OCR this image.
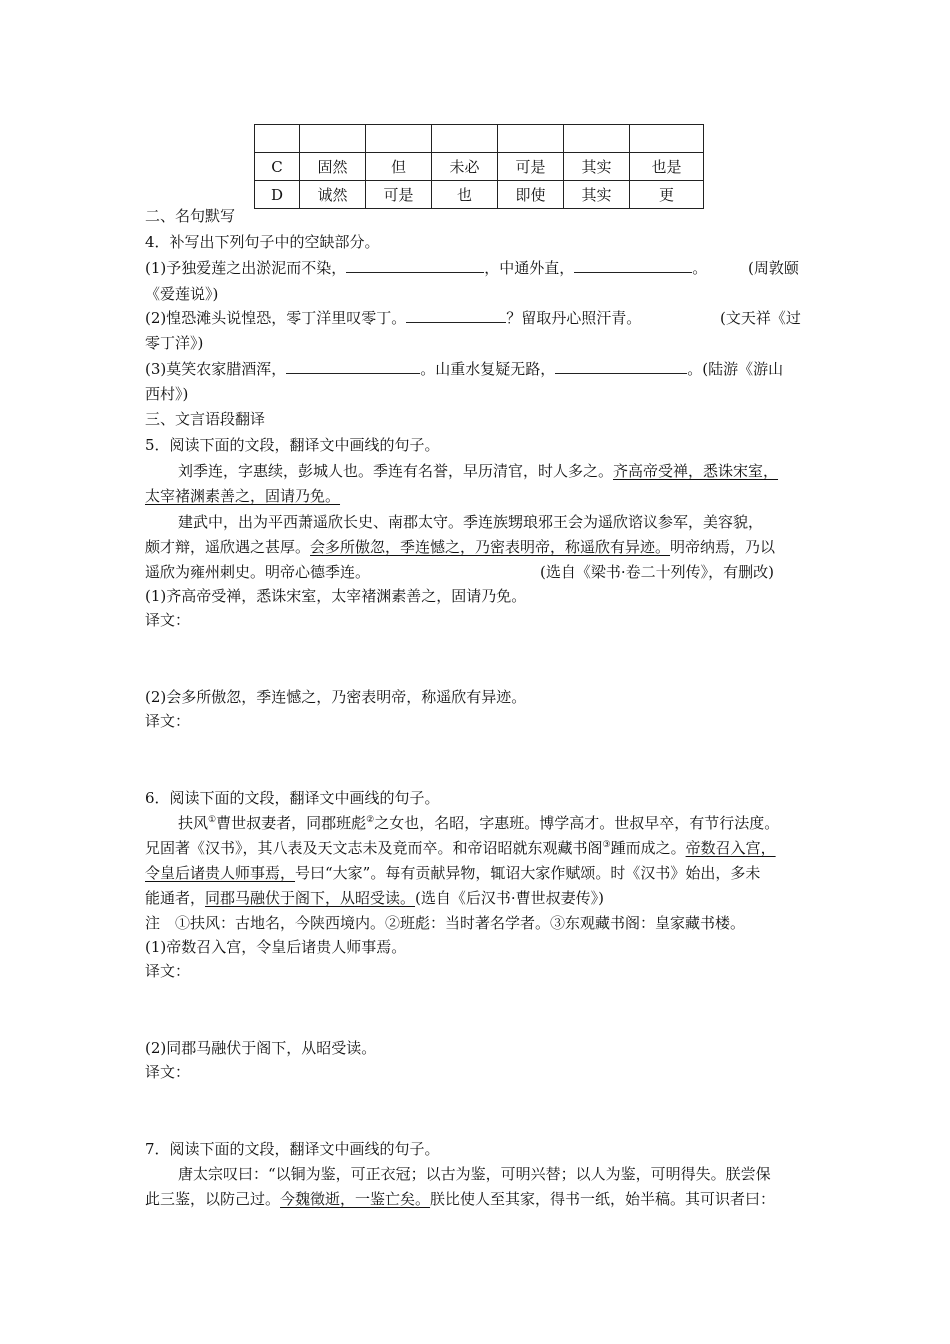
C	固然	但	未必	可是	其实	也是
D	诚然	可是	也	即使	其实	更
二、名句默写
4．补写出下列句子中的空缺部分。
(1)予独爱莲之出淤泥而不染，	，中通外直，	。	(周敦颐
《爱莲说》)
(2)惶恐滩头说惶恐，零丁洋里叹零丁。	？留取丹心照汗青。	(文天祥《过
零丁洋》)
(3)莫笑农家腊酒浑，	。山重水复疑无路，	。(陆游《游山
西村》)
三、文言语段翻译
5．阅读下面的文段，翻译文中画线的句子。
刘季连，字惠续，彭城人也。季连有名誉，早历清官，时人多之。齐高帝受禅，悉诛宋室，
太宰褚渊素善之，固请乃免。
建武中，出为平西萧遥欣长史、南郡太守。季连族甥琅邪王会为遥欣谘议参军，美容貌，
颇才辩，遥欣遇之甚厚。会多所傲忽，季连憾之，乃密表明帝，称遥欣有异迹。明帝纳焉，乃以
遥欣为雍州刺史。明帝心德季连。	(选自《梁书·卷二十列传》，有删改)
(1)齐高帝受禅，悉诛宋室，太宰褚渊素善之，固请乃免。
译文：
(2)会多所傲忽，季连憾之，乃密表明帝，称遥欣有异迹。
译文：
6．阅读下面的文段，翻译文中画线的句子。
扶风①曹世叔妻者，同郡班彪②之女也，名昭，字惠班。博学高才。世叔早卒，有节行法度。
兄固著《汉书》，其八表及天文志未及竟而卒。和帝诏昭就东观藏书阁③踵而成之。帝数召入宫，
令皇后诸贵人师事焉，号曰“大家”。每有贡献异物，辄诏大家作赋颂。时《汉书》始出，多未
能通者，同郡马融伏于阁下，从昭受读。(选自《后汉书·曹世叔妻传》)
注　①扶风：古地名，今陕西境内。②班彪：当时著名学者。③东观藏书阁：皇家藏书楼。
(1)帝数召入宫，令皇后诸贵人师事焉。
译文：
(2)同郡马融伏于阁下，从昭受读。
译文：
7．阅读下面的文段，翻译文中画线的句子。
唐太宗叹曰：“以铜为鉴，可正衣冠；以古为鉴，可明兴替；以人为鉴，可明得失。朕尝保
此三鉴，以防己过。今魏徵逝，一鉴亡矣。朕比使人至其家，得书一纸，始半稿。其可识者曰：
